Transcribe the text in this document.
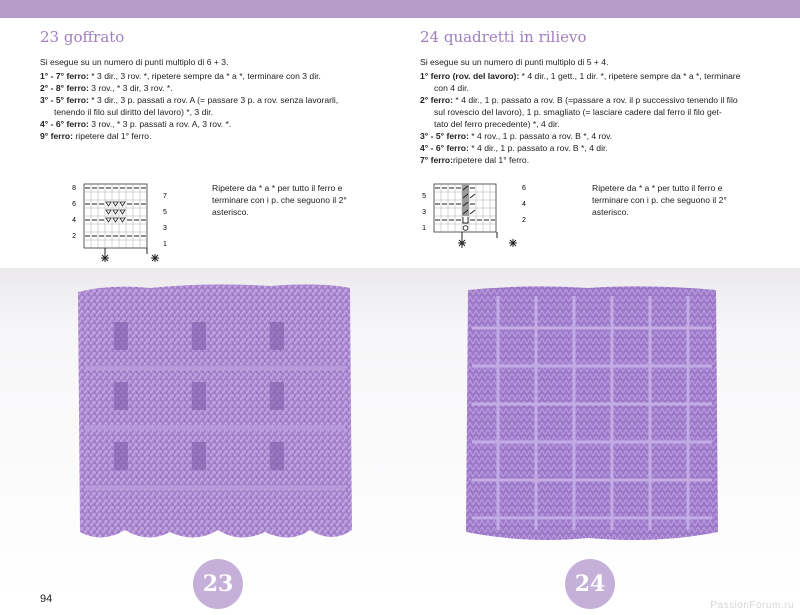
23 goffrato

Si esegue su un numero di punti multiplo di 6 + 3.

1° - 7° ferro: * 3 dir., 3 rov. *, ripetere sempre da * a *, terminare con 3 dir.

2° - 8° ferro: 3 rov., * 3 dir, 3 rov. *.

3° - 5° ferro: * 3 dir., 3 p. passati a rov. A (= passare 3 p. a rov. senza lavorarli,

tenendo il filo sul diritto del lavoro) *, 3 dir.

4° - 6° ferro: 3 rov., * 3 p. passati a rov. A, 3 rov. *.

9° ferro: ripetere dal 1° ferro.

24 quadretti in rilievo

Si esegue su un numero di punti multiplo di 5 + 4.

1° ferro (rov. del lavoro): * 4 dir., 1 gett., 1 dir. *, ripetere sempre da * a *, terminare

con 4 dir.

2° ferro: * 4 dir., 1 p. passato a rov. B (=passare a rov. il p successivo tenendo il filo

sul rovescio del lavoro), 1 p. smagliato (= lasciare cadere dal ferro il filo get-

tato del ferro precedente) *, 4 dir.

3° - 5° ferro: * 4 rov., 1 p. passato a rov. B *, 4 rov.

4° - 6° ferro: * 4 dir., 1 p. passato a rov. B *, 4 dir.

7° ferro:ripetere dal 1° ferro.

8
6
4
2
7
5
3
1
Ripetere da * a * per tutto il ferro e terminare con i p. che seguono il 2° asterisco.
5
3
1
6
4
2
Ripetere da * a * per tutto il ferro e terminare con i p. che seguono il 2° asterisco.
23	24
94
PassionForum.ru
